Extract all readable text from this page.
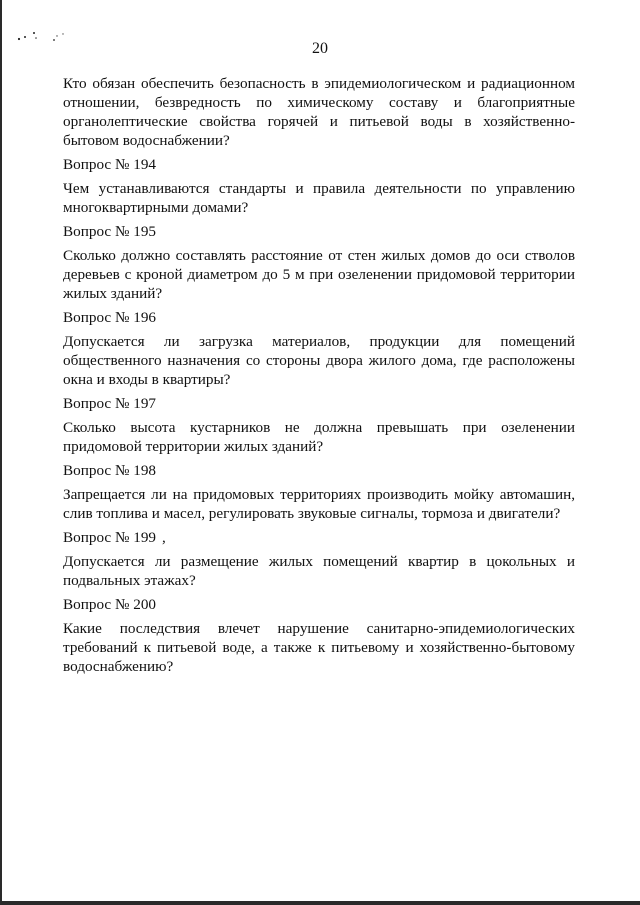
20

Кто обязан обеспечить безопасность в эпидемиологическом и радиационном отношении, безвредность по химическому составу и благоприятные органолептические свойства горячей и питьевой воды в хозяйственно-бытовом водоснабжении?

Вопрос № 194

Чем устанавливаются стандарты и правила деятельности по управлению многоквартирными домами?

Вопрос № 195

Сколько должно составлять расстояние от стен жилых домов до оси стволов деревьев с кроной диаметром до 5 м при озеленении придомовой территории жилых зданий?

Вопрос № 196

Допускается ли загрузка материалов, продукции для помещений общественного назначения со стороны двора жилого дома, где расположены окна и входы в квартиры?

Вопрос № 197

Сколько высота кустарников не должна превышать при озеленении придомовой территории жилых зданий?

Вопрос № 198

Запрещается ли на придомовых территориях производить мойку автомашин, слив топлива и масел, регулировать звуковые сигналы, тормоза и двигатели?

Вопрос № 199 ,

Допускается ли размещение жилых помещений квартир в цокольных и подвальных этажах?

Вопрос № 200

Какие последствия влечет нарушение санитарно-эпидемиологических требований к питьевой воде, а также к питьевому и хозяйственно-бытовому водоснабжению?
